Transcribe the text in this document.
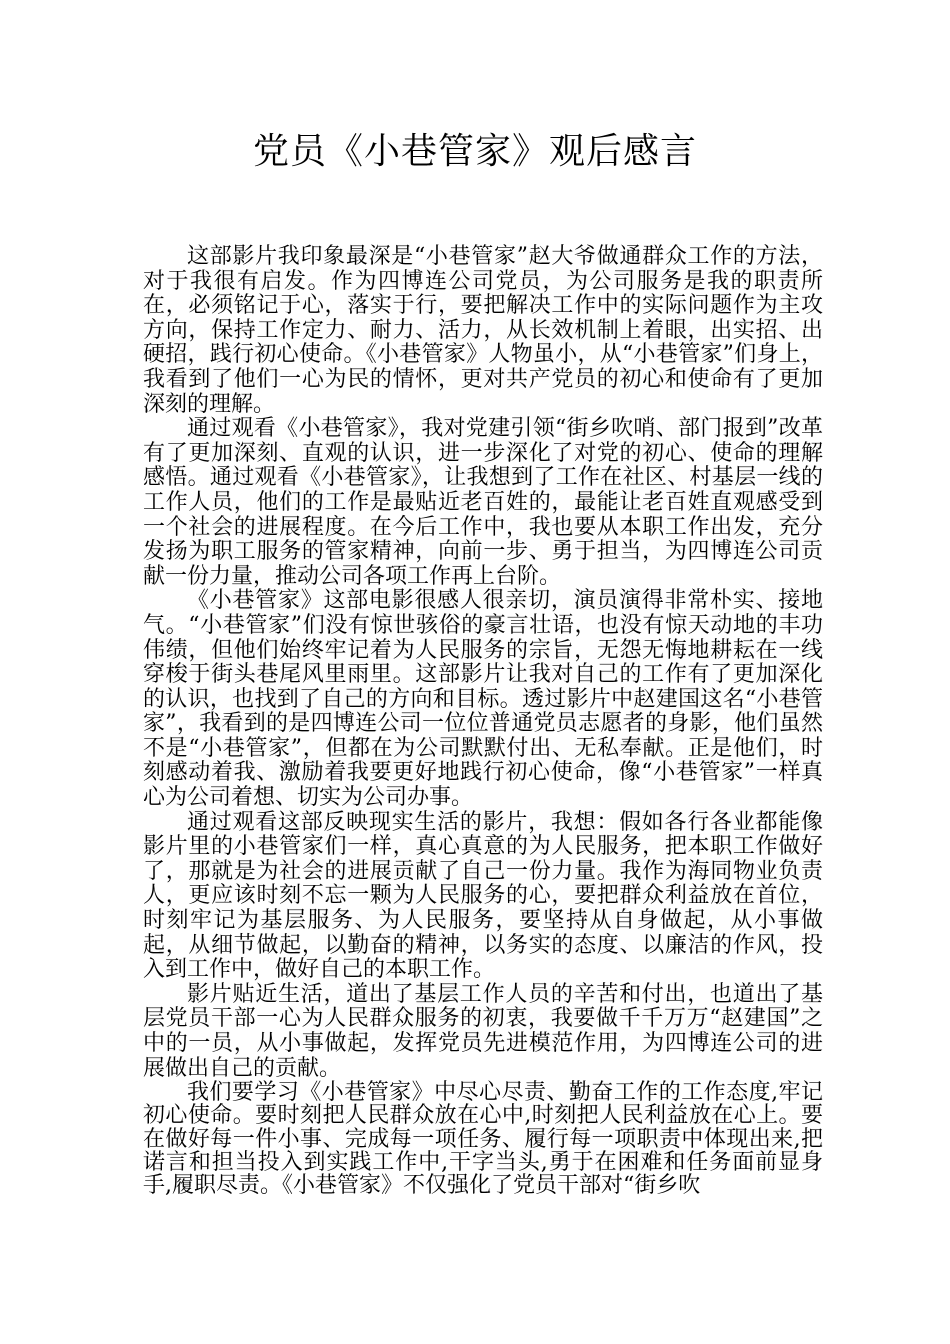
党员《小巷管家》观后感言

这部影片我印象最深是“小巷管家”赵大爷做通群众工作的方法，对于我很有启发。作为四博连公司党员，为公司服务是我的职责所在，必须铭记于心，落实于行，要把解决工作中的实际问题作为主攻方向，保持工作定力、耐力、活力，从长效机制上着眼，出实招、出硬招，践行初心使命。《小巷管家》人物虽小，从“小巷管家”们身上，我看到了他们一心为民的情怀，更对共产党员的初心和使命有了更加深刻的理解。

通过观看《小巷管家》，我对党建引领“街乡吹哨、部门报到”改革有了更加深刻、直观的认识，进一步深化了对党的初心、使命的理解感悟。通过观看《小巷管家》，让我想到了工作在社区、村基层一线的工作人员，他们的工作是最贴近老百姓的，最能让老百姓直观感受到一个社会的进展程度。在今后工作中，我也要从本职工作出发，充分发扬为职工服务的管家精神，向前一步、勇于担当，为四博连公司贡献一份力量，推动公司各项工作再上台阶。

《小巷管家》这部电影很感人很亲切，演员演得非常朴实、接地气。“小巷管家”们没有惊世骇俗的豪言壮语，也没有惊天动地的丰功伟绩，但他们始终牢记着为人民服务的宗旨，无怨无悔地耕耘在一线穿梭于街头巷尾风里雨里。这部影片让我对自己的工作有了更加深化的认识，也找到了自己的方向和目标。透过影片中赵建国这名“小巷管家”，我看到的是四博连公司一位位普通党员志愿者的身影，他们虽然不是“小巷管家”，但都在为公司默默付出、无私奉献。正是他们，时刻感动着我、激励着我要更好地践行初心使命，像“小巷管家”一样真心为公司着想、切实为公司办事。

通过观看这部反映现实生活的影片，我想：假如各行各业都能像影片里的小巷管家们一样，真心真意的为人民服务，把本职工作做好了，那就是为社会的进展贡献了自己一份力量。我作为海同物业负责人，更应该时刻不忘一颗为人民服务的心，要把群众利益放在首位，时刻牢记为基层服务、为人民服务，要坚持从自身做起，从小事做起，从细节做起，以勤奋的精神，以务实的态度、以廉洁的作风，投入到工作中，做好自己的本职工作。

影片贴近生活，道出了基层工作人员的辛苦和付出，也道出了基层党员干部一心为人民群众服务的初衷，我要做千千万万“赵建国”之中的一员，从小事做起，发挥党员先进模范作用，为四博连公司的进展做出自己的贡献。

我们要学习《小巷管家》中尽心尽责、勤奋工作的工作态度,牢记初心使命。要时刻把人民群众放在心中,时刻把人民利益放在心上。要在做好每一件小事、完成每一项任务、履行每一项职责中体现出来,把诺言和担当投入到实践工作中,干字当头,勇于在困难和任务面前显身手,履职尽责。《小巷管家》不仅强化了党员干部对“街乡吹
